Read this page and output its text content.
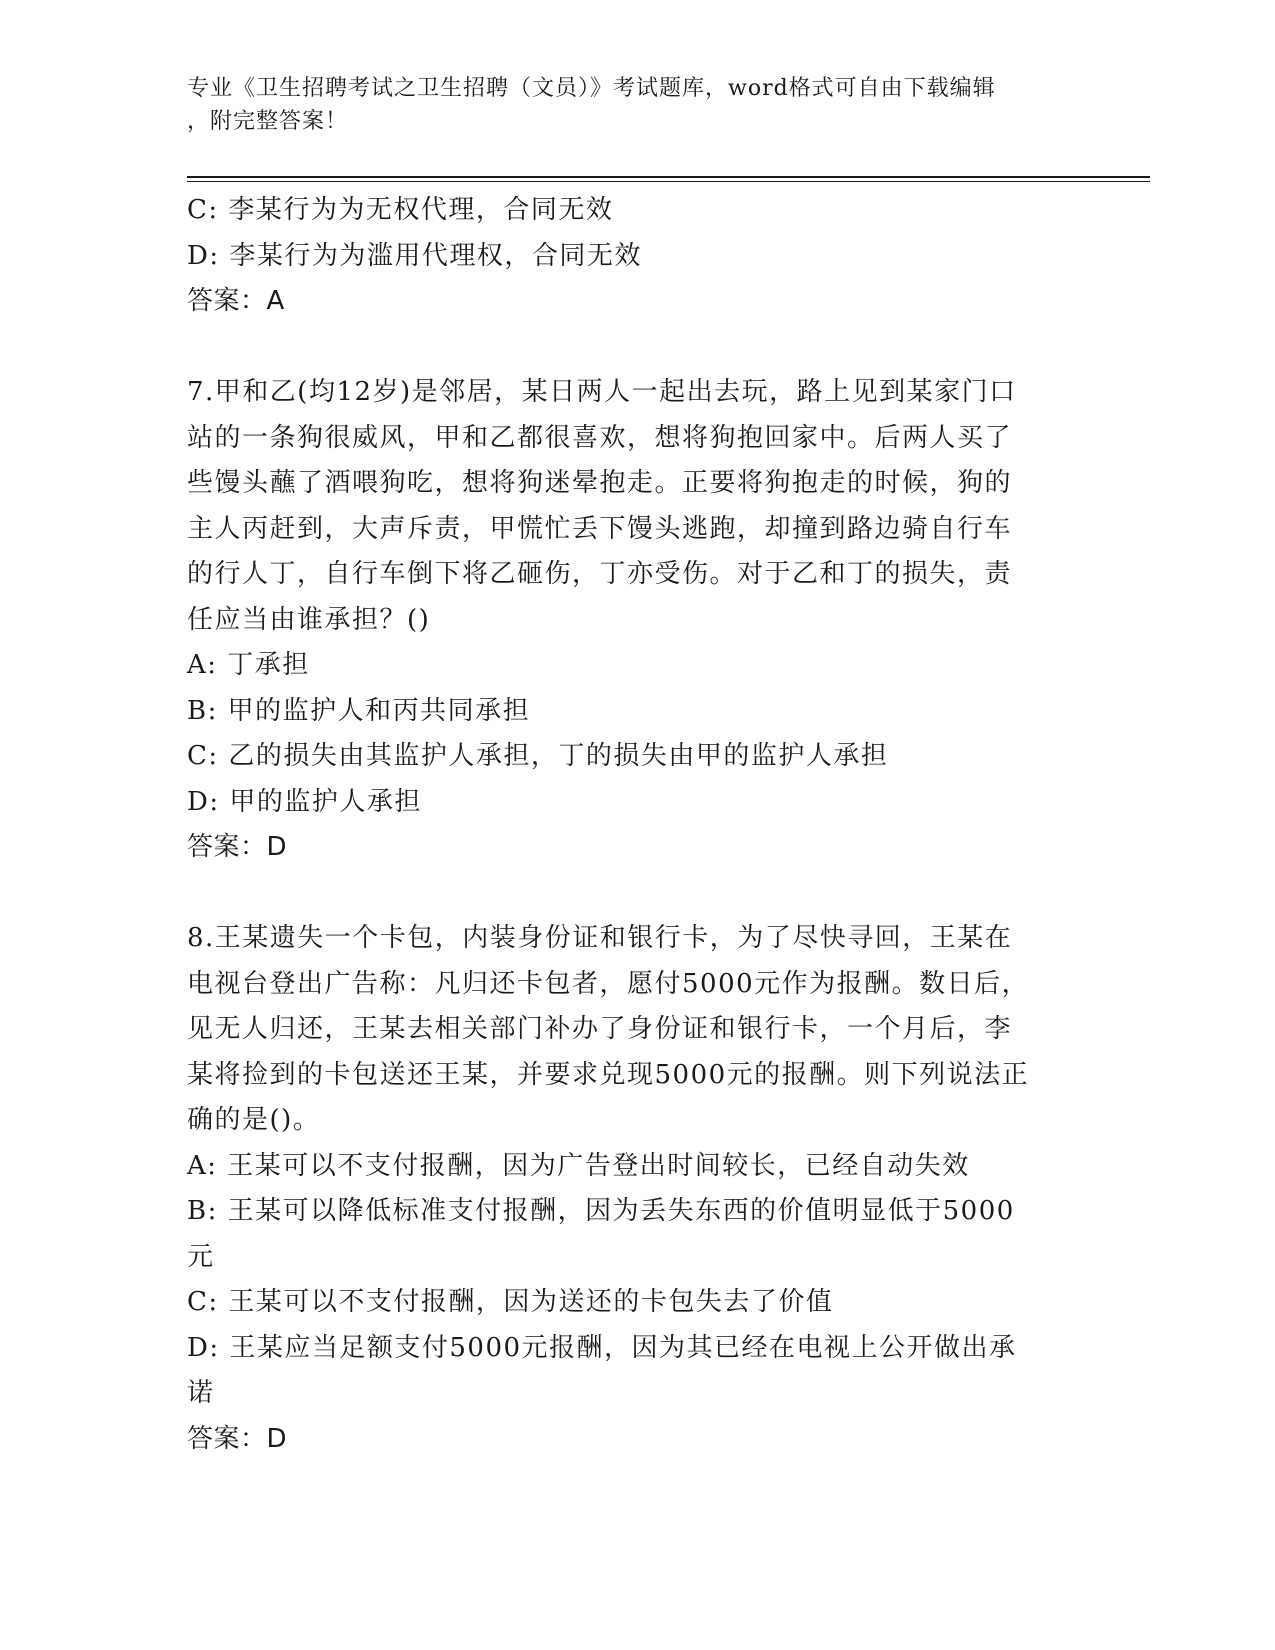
专业《卫生招聘考试之卫生招聘（文员）》考试题库，word格式可自由下载编辑
，附完整答案！
C: 李某行为为无权代理，合同无效
D: 李某行为为滥用代理权，合同无效
答案：A
7.甲和乙(均12岁)是邻居，某日两人一起出去玩，路上见到某家门口
站的一条狗很威风，甲和乙都很喜欢，想将狗抱回家中。后两人买了
些馒头蘸了酒喂狗吃，想将狗迷晕抱走。正要将狗抱走的时候，狗的
主人丙赶到，大声斥责，甲慌忙丢下馒头逃跑，却撞到路边骑自行车
的行人丁，自行车倒下将乙砸伤，丁亦受伤。对于乙和丁的损失，责
任应当由谁承担？()
A: 丁承担
B: 甲的监护人和丙共同承担
C: 乙的损失由其监护人承担，丁的损失由甲的监护人承担
D: 甲的监护人承担
答案：D
8.王某遗失一个卡包，内装身份证和银行卡，为了尽快寻回，王某在
电视台登出广告称：凡归还卡包者，愿付5000元作为报酬。数日后，
见无人归还，王某去相关部门补办了身份证和银行卡，一个月后，李
某将捡到的卡包送还王某，并要求兑现5000元的报酬。则下列说法正
确的是()。
A: 王某可以不支付报酬，因为广告登出时间较长，已经自动失效
B: 王某可以降低标准支付报酬，因为丢失东西的价值明显低于5000
元
C: 王某可以不支付报酬，因为送还的卡包失去了价值
D: 王某应当足额支付5000元报酬，因为其已经在电视上公开做出承
诺
答案：D
